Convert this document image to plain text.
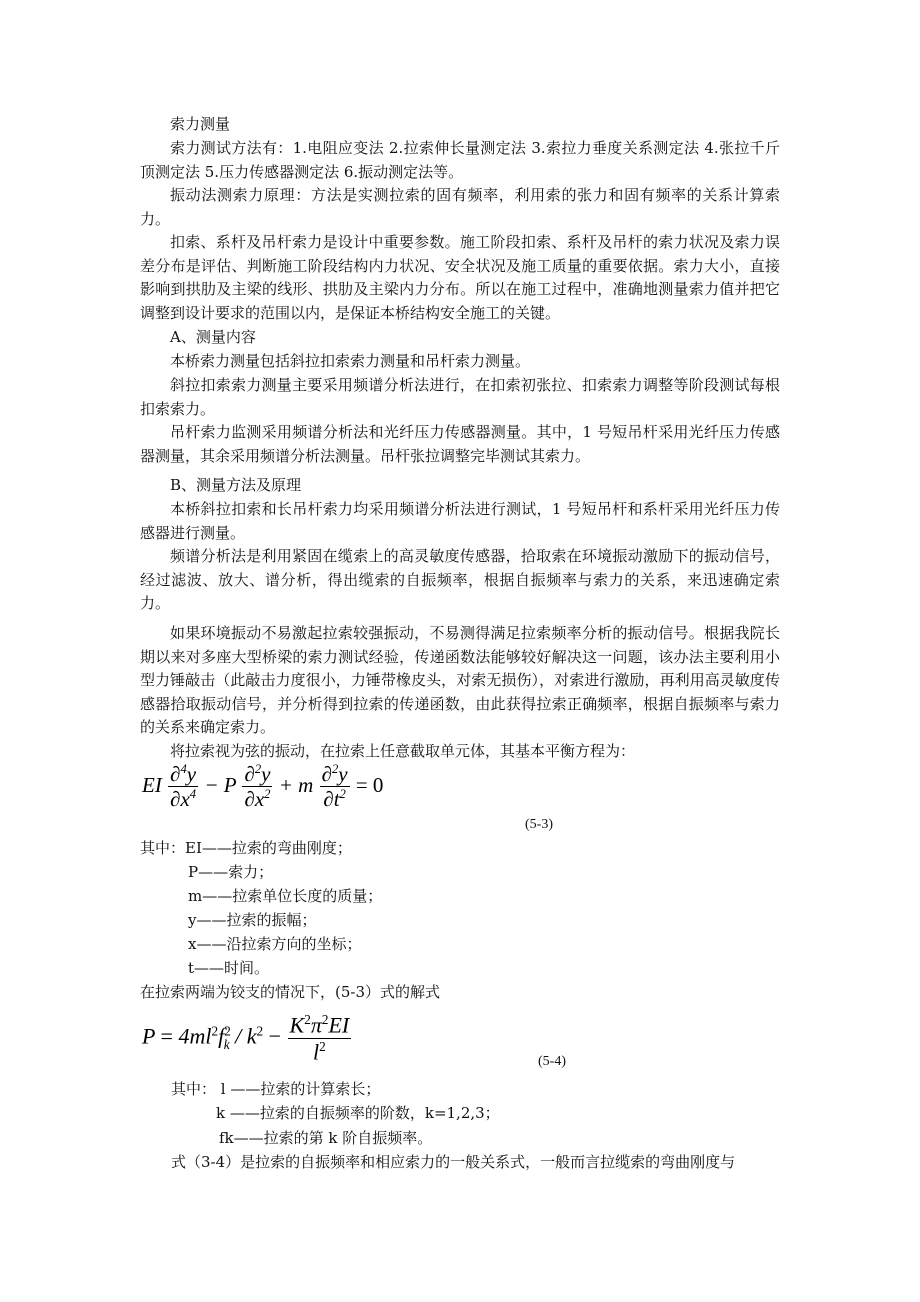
索力测量

索力测试方法有：1.电阻应变法 2.拉索伸长量测定法 3.索拉力垂度关系测定法 4.张拉千斤顶测定法 5.压力传感器测定法 6.振动测定法等。

振动法测索力原理：方法是实测拉索的固有频率，利用索的张力和固有频率的关系计算索力。

扣索、系杆及吊杆索力是设计中重要参数。施工阶段扣索、系杆及吊杆的索力状况及索力误差分布是评估、判断施工阶段结构内力状况、安全状况及施工质量的重要依据。索力大小，直接影响到拱肋及主梁的线形、拱肋及主梁内力分布。所以在施工过程中，准确地测量索力值并把它调整到设计要求的范围以内，是保证本桥结构安全施工的关键。

A、测量内容

本桥索力测量包括斜拉扣索索力测量和吊杆索力测量。

斜拉扣索索力测量主要采用频谱分析法进行，在扣索初张拉、扣索索力调整等阶段测试每根扣索索力。

吊杆索力监测采用频谱分析法和光纤压力传感器测量。其中，1 号短吊杆采用光纤压力传感器测量，其余采用频谱分析法测量。吊杆张拉调整完毕测试其索力。

B、测量方法及原理

本桥斜拉扣索和长吊杆索力均采用频谱分析法进行测试，1 号短吊杆和系杆采用光纤压力传感器进行测量。

频谱分析法是利用紧固在缆索上的高灵敏度传感器，拾取索在环境振动激励下的振动信号，经过滤波、放大、谱分析，得出缆索的自振频率，根据自振频率与索力的关系，来迅速确定索力。

如果环境振动不易激起拉索较强振动，不易测得满足拉索频率分析的振动信号。根据我院长期以来对多座大型桥梁的索力测试经验，传递函数法能够较好解决这一问题，该办法主要利用小型力锤敲击（此敲击力度很小，力锤带橡皮头，对索无损伤），对索进行激励，再利用高灵敏度传感器拾取振动信号，并分析得到拉索的传递函数，由此获得拉索正确频率，根据自振频率与索力的关系来确定索力。

将拉索视为弦的振动，在拉索上任意截取单元体，其基本平衡方程为：

EI $\frac{\partial^4y}{\partial x^4} - P \frac{\partial^2y}{\partial x^2} + m \frac{\partial^2y}{\partial t^2} = 0$
(5-3)

其中：EI——拉索的弯曲刚度；

P——索力；

m——拉索单位长度的质量；

y——拉索的振幅；

x——沿拉索方向的坐标；

t——时间。

在拉索两端为铰支的情况下，(5-3）式的解式

$P = 4ml^2f^2_k / k^2 - \frac{K^2\pi^2EI}{l^2}$	(5-4)

其中： l ——拉索的计算索长；

k ——拉索的自振频率的阶数，k=1,2,3；

fk——拉索的第 k 阶自振频率。

式（3-4）是拉索的自振频率和相应索力的一般关系式，一般而言拉缆索的弯曲刚度与
